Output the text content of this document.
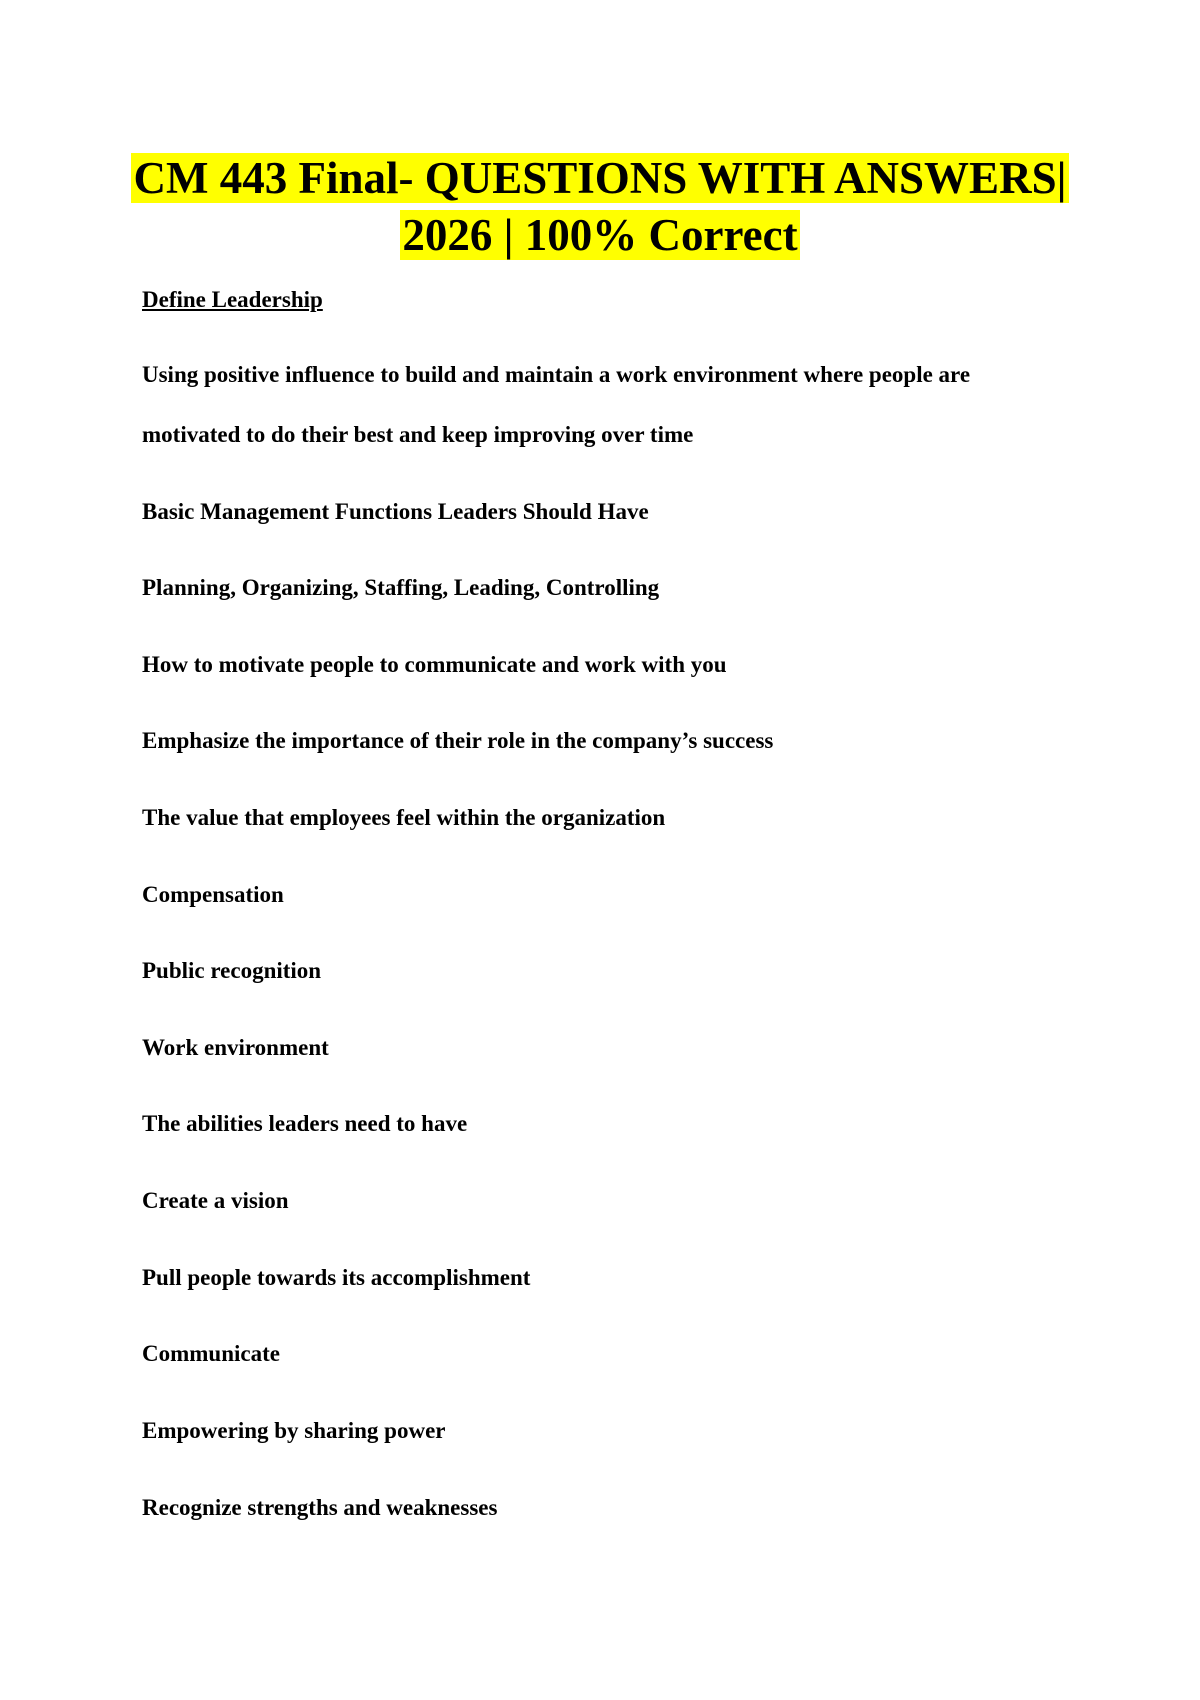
CM 443 Final- QUESTIONS WITH ANSWERS|
2026 | 100% Correct
Define Leadership
Using positive influence to build and maintain a work environment where people are
motivated to do their best and keep improving over time
Basic Management Functions Leaders Should Have
Planning, Organizing, Staffing, Leading, Controlling
How to motivate people to communicate and work with you
Emphasize the importance of their role in the company’s success
The value that employees feel within the organization
Compensation
Public recognition
Work environment
The abilities leaders need to have
Create a vision
Pull people towards its accomplishment
Communicate
Empowering by sharing power
Recognize strengths and weaknesses
